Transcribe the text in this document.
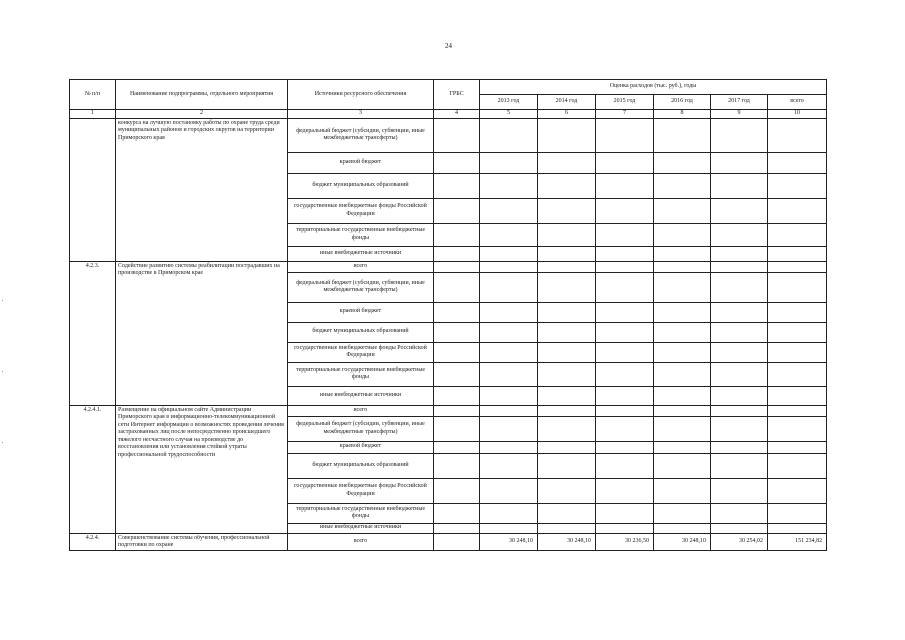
24
№ п/п	Наименование подпрограммы, отдельного мероприятия	Источники ресурсного обеспечения	ГРБС	Оценка расходов (тыс. руб.), годы					
				2013 год	2014 год	2015 год	2016 год	2017 год	всего
1	2	3	4	5	6	7	8	9	10
	конкурса на лучшую постановку работы по охране труда среди муниципальных районов и городских округов на территории Приморского края	федеральный бюджет (субсидии, субвенции, иные межбюджетные трансферты)							
		краевой бюджет							
		бюджет муниципальных образований							
		государственные внебюджетные фонды Российской Федерации							
		территориальные государственные внебюджетные фонды							
		иные внебюджетные источники							
4.2.3.	Содействие развитию системы реабилитации пострадавших на производстве в Приморском крае	всего							
		федеральный бюджет (субсидии, субвенции, иные межбюджетные трансферты)							
		краевой бюджет							
		бюджет муниципальных образований							
		государственные внебюджетные фонды Российской Федерации							
		территориальные государственные внебюджетные фонды							
		иные внебюджетные источники							
4.2.4.1.	Размещение на официальном сайте Администрации Приморского края в информационно-телекоммуникационной сети Интернет информации о возможностях проведения лечения застрахованных лиц после непосредственно происшедшего тяжелого несчастного случая на производстве до восстановления или установления стойкой утраты профессиональной трудоспособности	всего							
		федеральный бюджет (субсидии, субвенции, иные межбюджетные трансферты)							
		краевой бюджет							
		бюджет муниципальных образований							
		государственные внебюджетные фонды Российской Федерации							
		территориальные государственные внебюджетные фонды							
		иные внебюджетные источники							
4.2.4.	Совершенствование системы обучения, профессиональной подготовки по охране	всего		30 248,10	30 248,10	30 236,50	30 248,10	30 254,02	151 234,82
